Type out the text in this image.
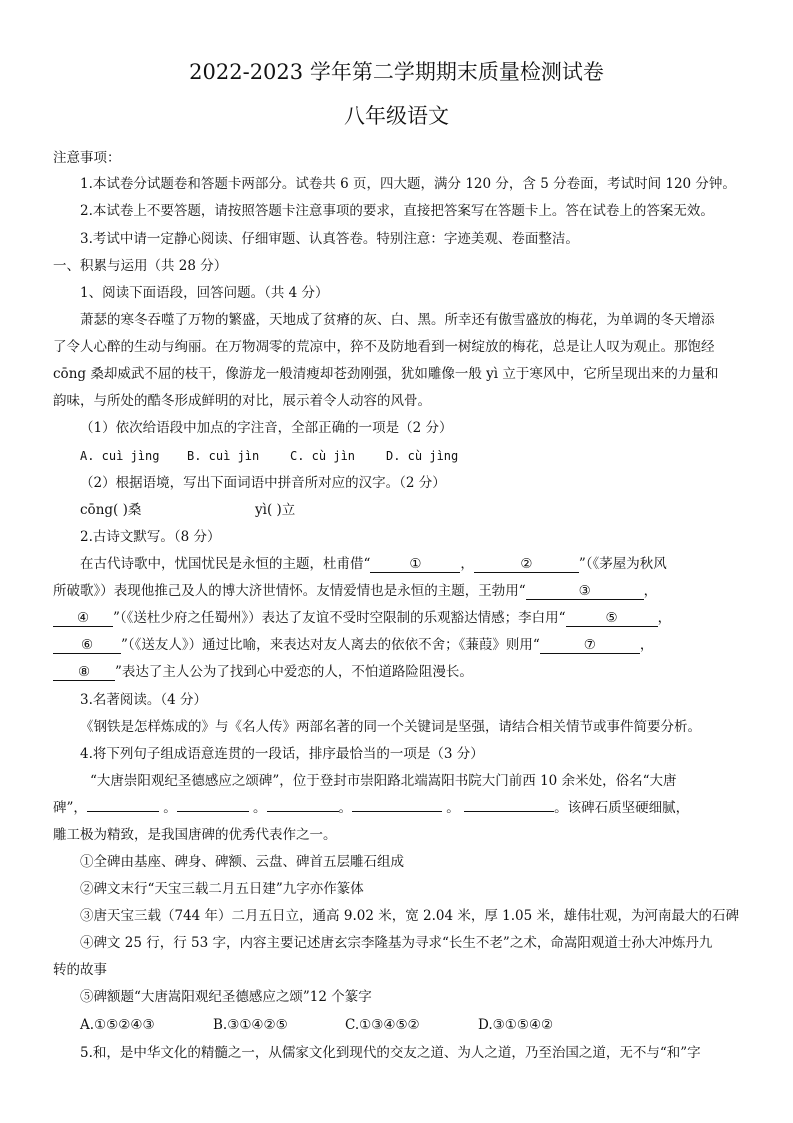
2022-2023 学年第二学期期末质量检测试卷
八年级语文
注意事项：
1.本试卷分试题卷和答题卡两部分。试卷共 6 页，四大题，满分 120 分，含 5 分卷面，考试时间 120 分钟。
2.本试卷上不要答题，请按照答题卡注意事项的要求，直接把答案写在答题卡上。答在试卷上的答案无效。
3.考试中请一定静心阅读、仔细审题、认真答卷。特别注意：字迹美观、卷面整洁。
一、积累与运用（共 28 分）
1、阅读下面语段，回答问题。（共 4 分）
萧瑟的寒冬吞噬了万物的繁盛，天地成了贫瘠的灰、白、黑。所幸还有傲雪盛放的梅花，为单调的冬天增添
了令人心醉的生动与绚丽。在万物凋零的荒凉中，猝不及防地看到一树绽放的梅花，总是让人叹为观止。那饱经
cōng 桑却威武不屈的枝干，像游龙一般清瘦却苍劲刚强，犹如雕像一般 yì 立于寒风中，它所呈现出来的力量和
韵味，与所处的酷冬形成鲜明的对比，展示着令人动容的风骨。
（1）依次给语段中加点的字注音，全部正确的一项是（2 分）
A. cuì jìng B. cuì jìn	C. cù jìn	D. cù jìng
（2）根据语境，写出下面词语中拼音所对应的汉字。（2 分）
cōng( )桑	yì( )立
2.古诗文默写。（8 分）
在古代诗歌中，忧国忧民是永恒的主题，杜甫借“	①	，	②	”（《茅屋为秋风
所破歌》）表现他推己及人的博大济世情怀。友情爱情也是永恒的主题，王勃用“	③	，
④ ”（《送杜少府之任蜀州》）表达了友谊不受时空限制的乐观豁达情感；李白用“	⑤	，
⑥ ”（《送友人》）通过比喻，来表达对友人离去的依依不舍；《蒹葭》则用“	⑦	，
⑧ ”表达了主人公为了找到心中爱恋的人，不怕道路险阻漫长。
3.名著阅读。（4 分）
《钢铁是怎样炼成的》与《名人传》两部名著的同一个关键词是坚强，请结合相关情节或事件简要分析。
4.将下列句子组成语意连贯的一段话，排序最恰当的一项是（3 分）
“大唐崇阳观纪圣德感应之颂碑”，位于登封市崇阳路北端嵩阳书院大门前西 10 余米处，俗名“大唐
碑”，	。	。	。	。	。该碑石质坚硬细腻，
雕工极为精致，是我国唐碑的优秀代表作之一。
①全碑由基座、碑身、碑额、云盘、碑首五层雕石组成
②碑文末行“天宝三载二月五日建”九字亦作篆体
③唐天宝三载（744 年）二月五日立，通高 9.02 米，宽 2.04 米，厚 1.05 米，雄伟壮观，为河南最大的石碑
④碑文 25 行，行 53 字，内容主要记述唐玄宗李隆基为寻求“长生不老”之术，命嵩阳观道士孙大冲炼丹九
转的故事
⑤碑额题“大唐嵩阳观纪圣德感应之颂”12 个篆字
A.①⑤②④③	B.③①④②⑤	C.①③④⑤②	D.③①⑤④②
5.和，是中华文化的精髓之一，从儒家文化到现代的交友之道、为人之道，乃至治国之道，无不与“和”字
